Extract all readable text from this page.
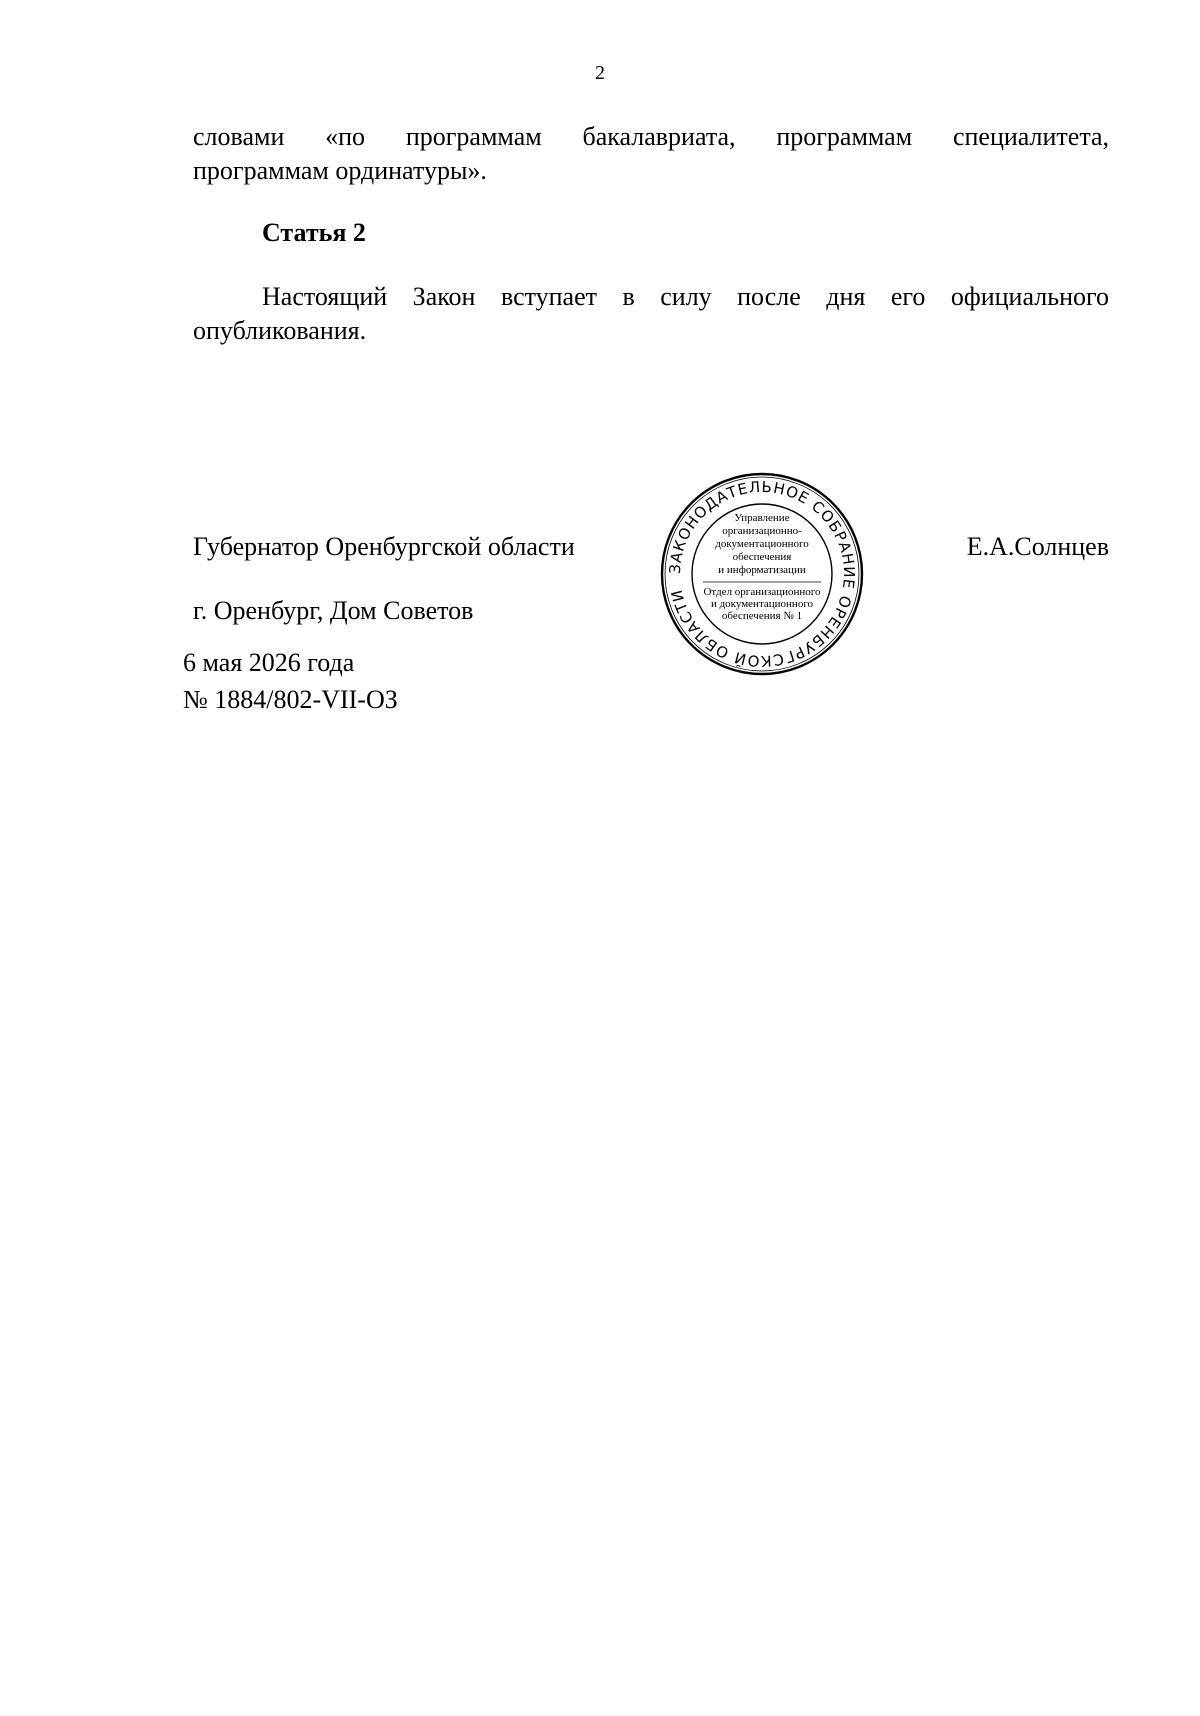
2
словами «по программам бакалавриата, программам специалитета,
программам ординатуры».
Статья 2
Настоящий Закон вступает в силу после дня его официального
опубликования.
Губернатор Оренбургской области	Е.А.Солнцев
г. Оренбург, Дом Советов
6 мая 2026 года
№ 1884/802-VII-ОЗ
ЗАКОНОДАТЕЛЬНОЕ СОБРАНИЕ ОРЕНБУРГСКОЙ ОБЛАСТИ
Управление
организационно-
документационного
обеспечения
и информатизации
Отдел организационного
и документационного
обеспечения № 1
